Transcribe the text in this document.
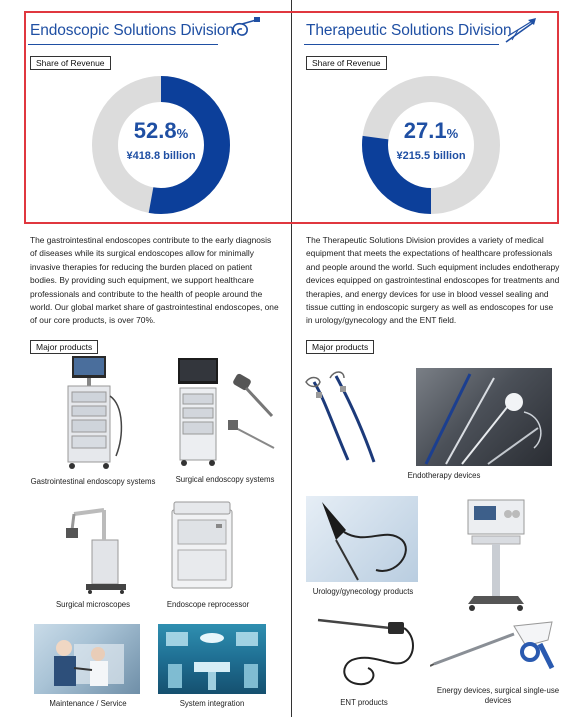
Endoscopic Solutions Division
Share of Revenue
52.8%
¥418.8 billion
The gastrointestinal endoscopes contribute to the early diagnosis of diseases while its surgical endoscopes allow for minimally invasive therapies for reducing the burden placed on patient bodies. By providing such equipment, we support healthcare professionals and contribute to the health of people around the world. Our global market share of gastrointestinal endoscopes, one of our core products, is over 70%.
Major products
Gastrointestinal endoscopy systems	Surgical endoscopy systems
Surgical microscopes	Endoscope reprocessor
Maintenance / Service	System integration
Therapeutic Solutions Division
Share of Revenue
27.1%
¥215.5 billion
The Therapeutic Solutions Division provides a variety of medical equipment that meets the expectations of healthcare professionals and people around the world. Such equipment includes endotherapy devices equipped on gastrointestinal endoscopes for treatments and therapies, and energy devices for use in blood vessel sealing and tissue cutting in endoscopic surgery as well as endoscopes for use in urology/gynecology and the ENT field.
Major products
Endotherapy devices
Urology/gynecology products
ENT products
Energy devices, surgical single-use devices
